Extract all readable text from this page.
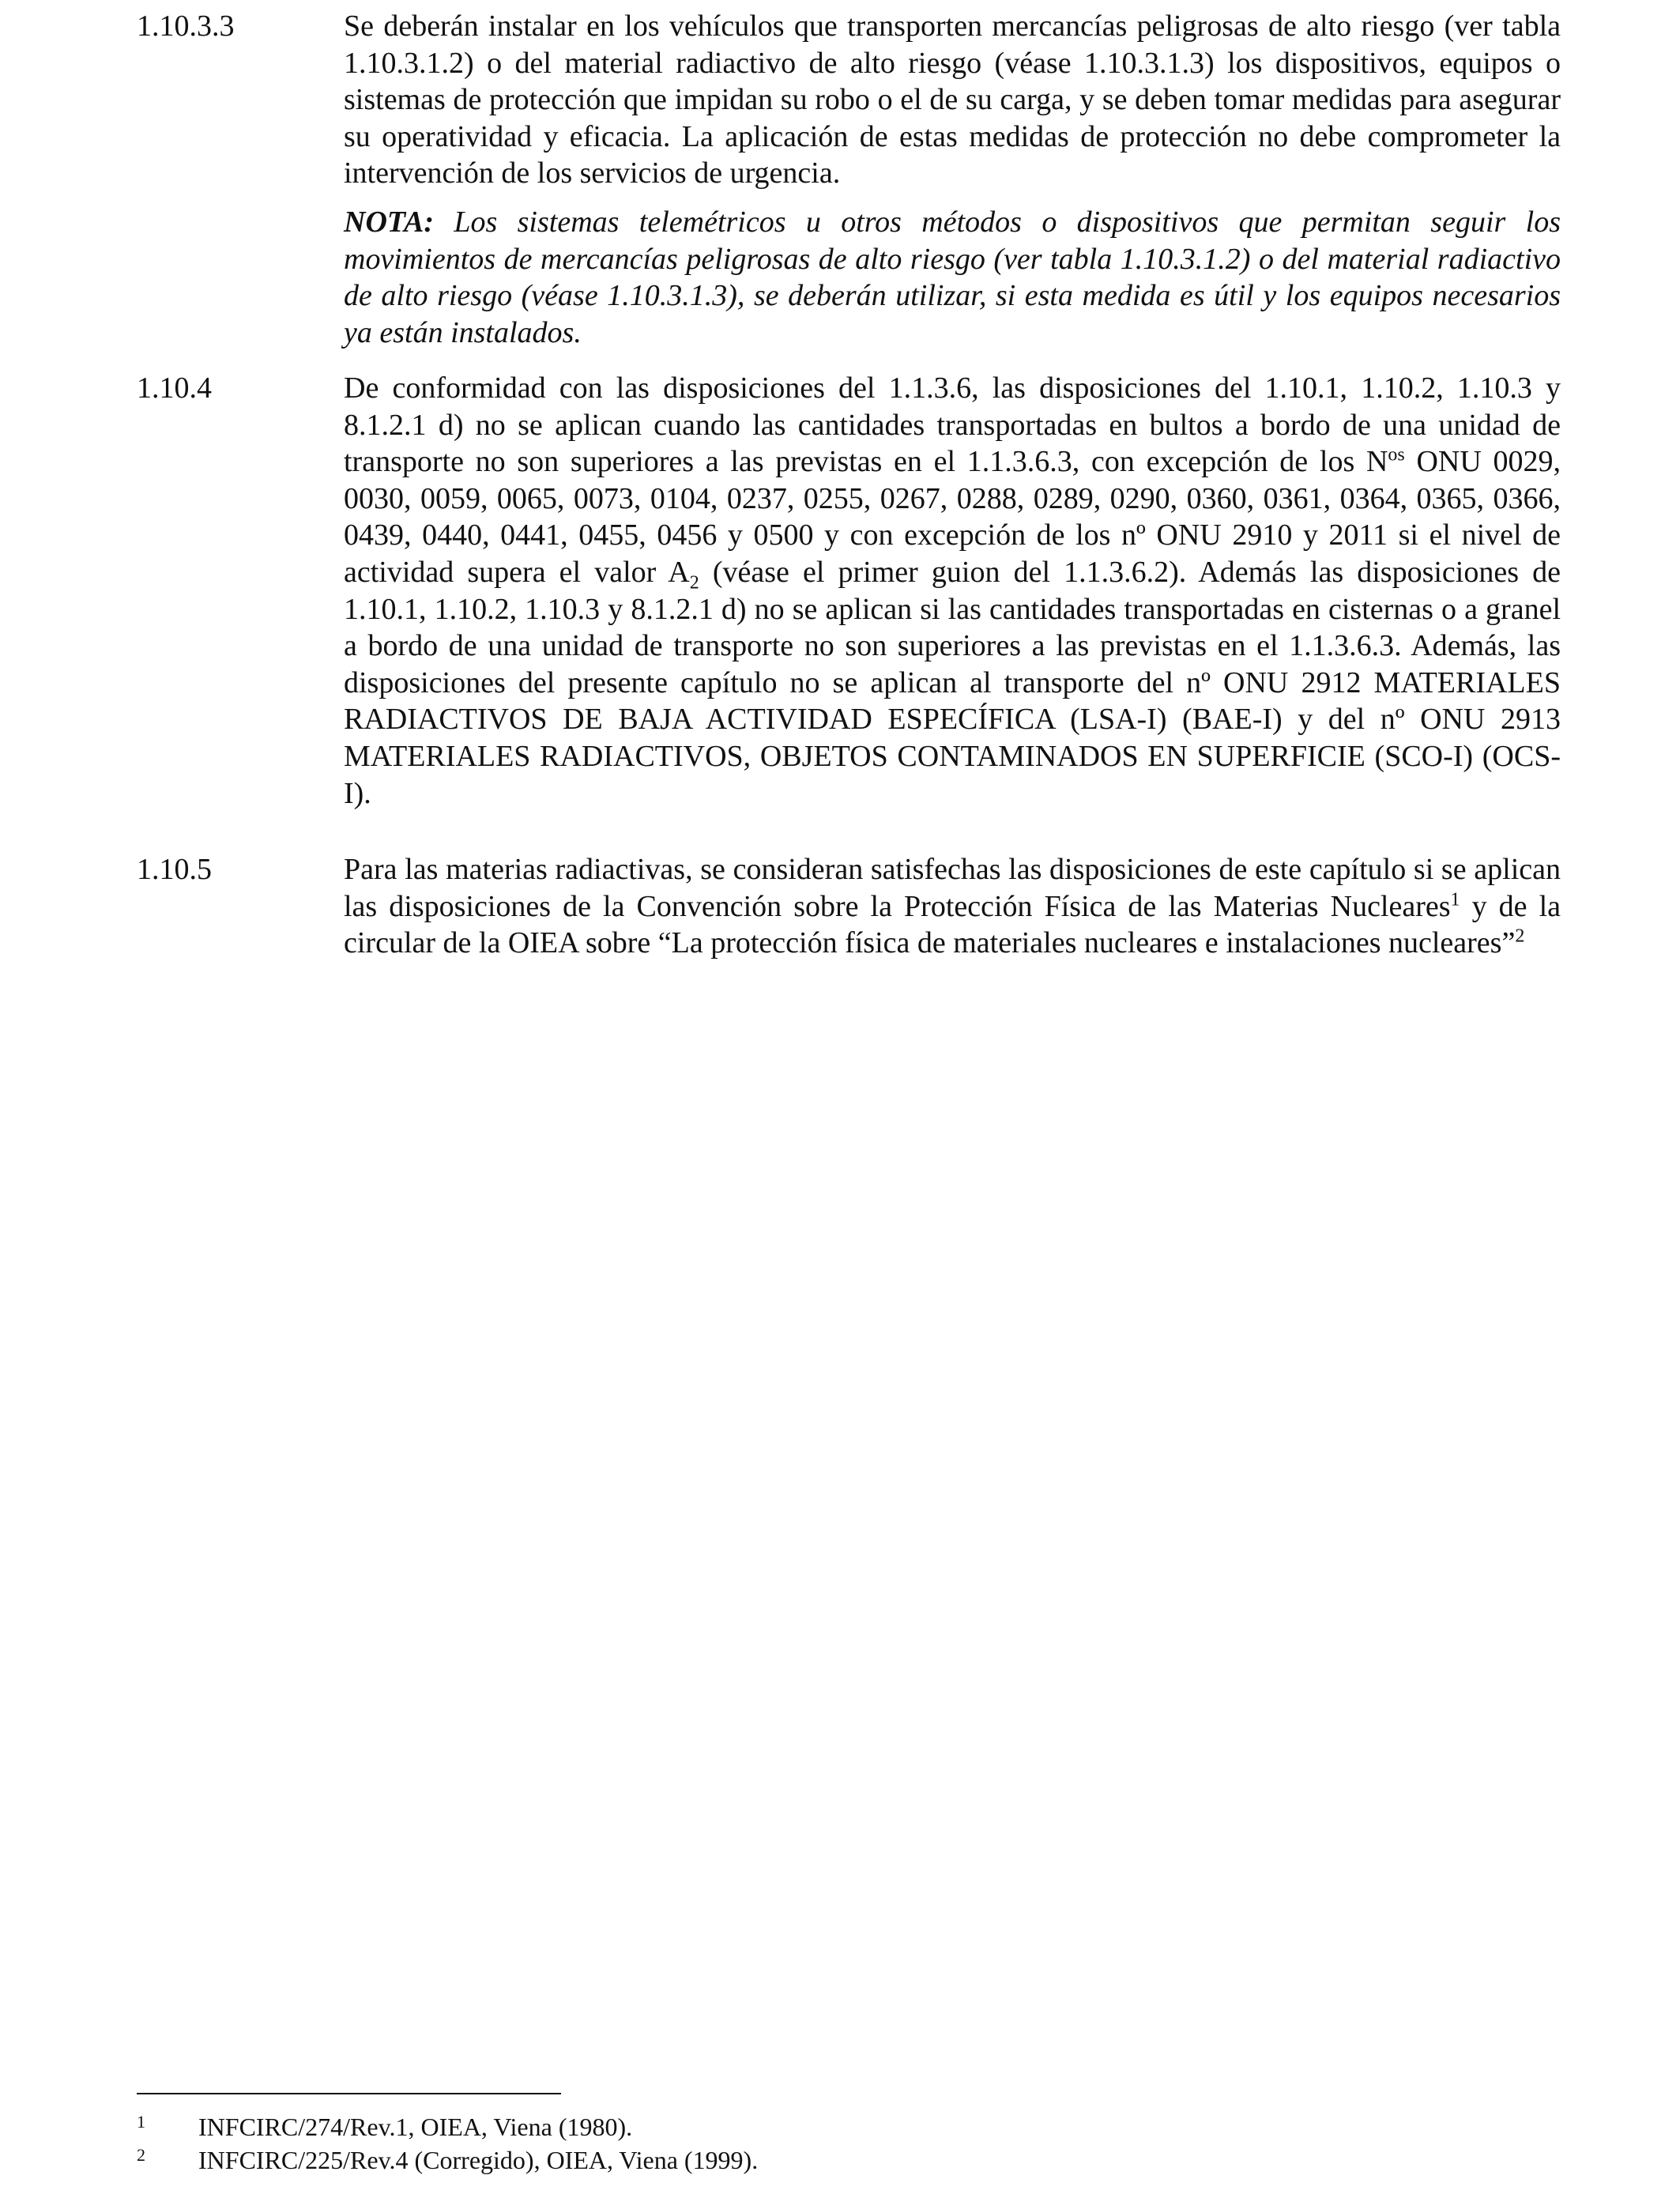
1.10.3.3	Se deberán instalar en los vehículos que transporten mercancías peligrosas de alto riesgo (ver tabla 1.10.3.1.2) o del material radiactivo de alto riesgo (véase 1.10.3.1.3) los dispositivos, equipos o sistemas de protección que impidan su robo o el de su carga, y se deben tomar medidas para asegurar su operatividad y eficacia. La aplicación de estas medidas de protección no debe comprometer la intervención de los servicios de urgencia.
NOTA: Los sistemas telemétricos u otros métodos o dispositivos que permitan seguir los movimientos de mercancías peligrosas de alto riesgo (ver tabla 1.10.3.1.2) o del material radiactivo de alto riesgo (véase 1.10.3.1.3), se deberán utilizar, si esta medida es útil y los equipos necesarios ya están instalados.
1.10.4	De conformidad con las disposiciones del 1.1.3.6, las disposiciones del 1.10.1, 1.10.2, 1.10.3 y 8.1.2.1 d) no se aplican cuando las cantidades transportadas en bultos a bordo de una unidad de transporte no son superiores a las previstas en el 1.1.3.6.3, con excepción de los $N^{os}$ ONU 0029, 0030, 0059, 0065, 0073, 0104, 0237, 0255, 0267, 0288, 0289, 0290, 0360, 0361, 0364, 0365, 0366, 0439, 0440, 0441, 0455, 0456 y 0500 y con excepción de los nº ONU 2910 y 2011 si el nivel de actividad supera el valor $A_2$ (véase el primer guion del 1.1.3.6.2). Además las disposiciones de 1.10.1, 1.10.2, 1.10.3 y 8.1.2.1 d) no se aplican si las cantidades transportadas en cisternas o a granel a bordo de una unidad de transporte no son superiores a las previstas en el 1.1.3.6.3. Además, las disposiciones del presente capítulo no se aplican al transporte del nº ONU 2912 MATERIALES RADIACTIVOS DE BAJA ACTIVIDAD ESPECÍFICA (LSA-I) (BAE-I) y del nº ONU 2913 MATERIALES RADIACTIVOS, OBJETOS CONTAMINADOS EN SUPERFICIE (SCO-I) (OCS-I).
1.10.5	Para las materias radiactivas, se consideran satisfechas las disposiciones de este capítulo si se aplican las disposiciones de la Convención sobre la Protección Física de las Materias Nucleares$^1$ y de la circular de la OIEA sobre “La protección física de materiales nucleares e instalaciones nucleares”$^2$
1 INFCIRC/274/Rev.1, OIEA, Viena (1980).
2 INFCIRC/225/Rev.4 (Corregido), OIEA, Viena (1999).
